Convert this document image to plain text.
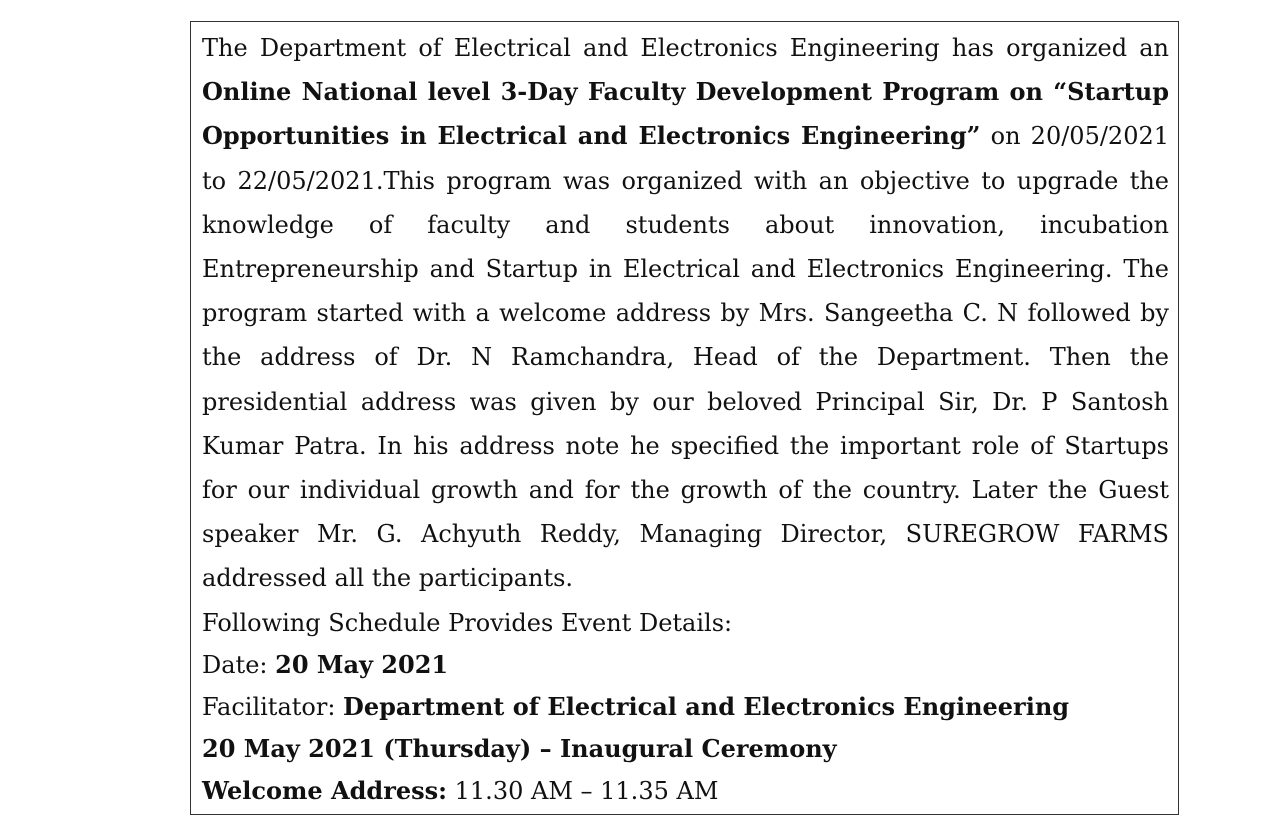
The Department of Electrical and Electronics Engineering has organized an Online National level 3-Day Faculty Development Program on “Startup Opportunities in Electrical and Electronics Engineering” on 20/05/2021 to 22/05/2021.This program was organized with an objective to upgrade the knowledge of faculty and students about innovation, incubation Entrepreneurship and Startup in Electrical and Electronics Engineering. The program started with a welcome address by Mrs. Sangeetha C. N followed by the address of Dr. N Ramchandra, Head of the Department. Then the presidential address was given by our beloved Principal Sir, Dr. P Santosh Kumar Patra. In his address note he specified the important role of Startups for our individual growth and for the growth of the country. Later the Guest speaker Mr. G. Achyuth Reddy, Managing Director, SUREGROW FARMS addressed all the participants.

Following Schedule Provides Event Details:
Date: 20 May 2021
Facilitator: Department of Electrical and Electronics Engineering
20 May 2021 (Thursday) – Inaugural Ceremony
Welcome Address: 11.30 AM – 11.35 AM
